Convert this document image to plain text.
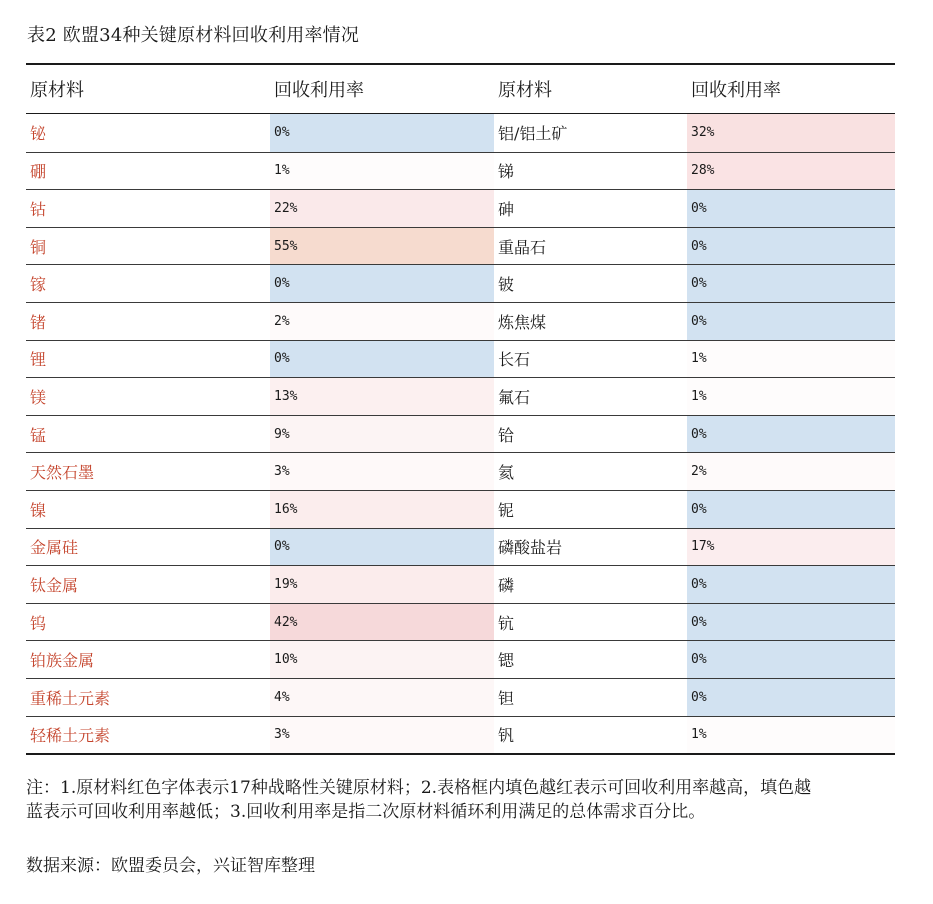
表2 欧盟34种关键原材料回收利用率情况
原材料	回收利用率	原材料	回收利用率
铋	0%	铝/铝土矿	32%
硼	1%	锑	28%
钴	22%	砷	0%
铜	55%	重晶石	0%
镓	0%	铍	0%
锗	2%	炼焦煤	0%
锂	0%	长石	1%
镁	13%	氟石	1%
锰	9%	铪	0%
天然石墨	3%	氦	2%
镍	16%	铌	0%
金属硅	0%	磷酸盐岩	17%
钛金属	19%	磷	0%
钨	42%	钪	0%
铂族金属	10%	锶	0%
重稀土元素	4%	钽	0%
轻稀土元素	3%	钒	1%
注：1.原材料红色字体表示17种战略性关键原材料；2.表格框内填色越红表示可回收利用率越高，填色越蓝表示可回收利用率越低；3.回收利用率是指二次原材料循环利用满足的总体需求百分比。
数据来源：欧盟委员会，兴证智库整理
